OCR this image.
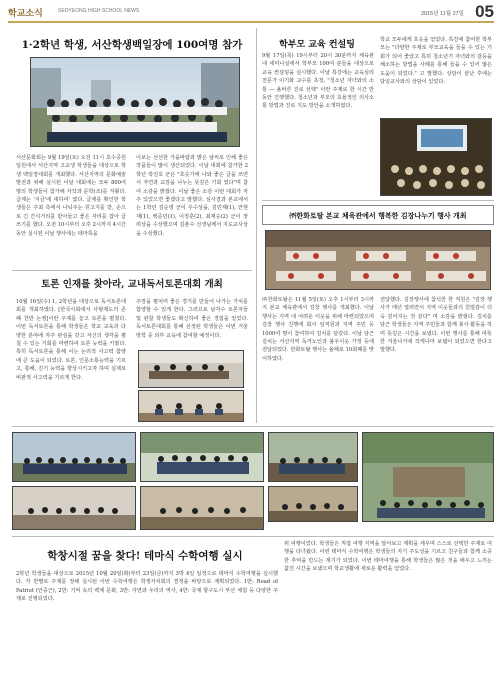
학교소식	SEOYEONG HIGH SCHOOL NEWS	2015년 11월 27일 05
1·2학년 학생, 서산학생백일장에 100여명 참가
서산문화회는 9월 19일(토) 오전 11시 호수공원 일원에서 서산지역 고교생 학생들을 대상으로 학생 백일장대회를 개최했다. 서산지역의 문화예술 발전과 위해 실시된 이날 대회에는 모두 800여 명의 학생들이 참가해 자작과 문학(조)를 겨뤘다. 글제는 '지금'에 대하여' 였다. 글제를 확인한 학생들은 주최 측에서 나눠주는 원고지를 받, 손으로 긴 간식거리를 받아들고 좋은 자리를 잡아 글쓰기를 했다. 오전 10시부터 오후 2시까지 4시간 동안 실시된 이날 행사에는 테마특을
이보는 선선한 가을바람과 밝은 날씨로 인해 좋은 작품들이 많이 생산되었다. 이날 대회에 참가한 2학년 박진호 군은 "호숫가에 나와 좋은 글을 쓰면서 자연과 교감을 나누는 뜻깊은 기회 였다"며 참여 소감을 밝혔다. 이날 좋은 소감 이번 대회가 자주 있었으면 좋겠다고 말했다. 심사결과 본교에서는 1학년 김순영 군이 우수상을, 김민재(1), 안현재(1), 백준민(1), 이정훈(2), 최재승(2) 군이 장려상을 수상했으며 김춘수 선생님께서 지도교사상을 수상했다.
토론 인재를 찾아라, 교내독서토론대회 개최
10월 16일(수) 1, 2학년을 대상으로 독서토론대회를 개최하였다. [한국사회에서 사형제도의 존폐 찬반 논쟁]이란 주제를 놓고 토론을 펼쳤다. 이번 독서토론을 통해 학생들은 학교 교육과 다양한 분야에 자주 관심을 갖고 자신의 생각을 펼칠 수 있는 기회를 마련하여 토론 능력을 키웠다. 특히 독서토론을 통해 이는 논리적 사고력 함양에 큰 도움이 되었다. 토론, 인문소통능력을 기르고, 통해, 진기 능력을 향상시키고자 하며 실제로 비판적 사고력을 기르게 한다.
주장을 펼치며 좋은 경기를 만들어 나가는 가치를 함양할 수 있게 한다. 그러므로 남자수 토론자들 및 관찰 학생들도 확신하여 좋은 경험을 얻었다. 독서토론대회를 통해 선정된 학생들은 이번 겨울 방학 중 외부 교육에 참여할 예정이다.
학부모 교육 컨설팅
9월 17일(목) 19시부터 20시 30분까지 체육관 내 세미나실에서 학부모 100여 분들을 대상으로 교육 컨설팅을 실시했다. 이날 특강에는 교육심리 전문가 이기화 교수를 초청, "청소년 자녀와의 소통 — 올바른 진로 선택" 이란 주제로 한 시간 반 동안 진행했다. 청소년과 부모의 효율적인 의사소통 방법과 진로 지도 방안을 소개하였다.
학교 모두에게 호응을 얻었다. 특강에 참여한 학부모는 "다양한 주제로 부모교육을 들을 수 있는 기회가 되어 좋았고 특히 청소년기 자녀와의 갈등을 해소하는 방법을 사례를 통해 들을 수 있어 많은 도움이 되었다." 고 말했다. 상담이 끝난 후에는 담임교사와의 상담이 있었다.
㈜한화토탈 본교 체육관에서 행복한 김장나누기 행사 개최
㈜한화토탈은 11월 5일(토) 오후 1시부터 3시까지 본교 체육관에서 김장 행사를 개최했다. 이날 행사는 지역 내 어려운 이웃을 위해 마련되었으며 김장 행사 진행에 회사 임직원과 지역 주민 등 1000여 명이 참여하여 김치를 담갔다. 이날 담근 김치는 서산지역 독거노인과 불우이웃 가정 등에 전달되었다. 한화토탈 행사는 올해로 10회째를 맞이하였다.
전달했다. 김장행사에 참석한 한 직원은 "김장 행사가 매년 열리면서 지역 이웃들과의 친밀감이 더욱 깊어지는 것 같다" 며 소감을 밝혔다. 김치를 담근 학생들은 지역 주민들과 함께 봉사 활동을 하며 뜻깊은 시간을 보냈다. 이번 행사를 통해 따뜻한 겨울나기에 작게나마 보탬이 되었으면 한다고 말했다.
학창시절 꿈을 찾다! 테마식 수학여행 실시
2학년 학생들을 대상으로 2015년 10월 20일(화)부터 23일(금)까지 3박 4일 일정으로 테마식 수학여행을 실시했다. 각 반별로 주제를 정해 실시된 이번 수학여행은 학생자치회의 결정을 바탕으로 계획되었다. 1반: Road of Patriot (안중근), 2반: 기억 속의 백제 문화, 3반: 자연과 우리의 역사, 4반: 국제 항구도시 부산 체험 등 다양한 주제로 진행되었다.
위 여행이었다. 학생들은 직접 여행 지역을 알아보고 계획을 세우며 스스로 선택한 주제로 여행을 다녀왔다. 이번 테마식 수학여행은 학생들의 자기 주도성을 기르고 친구들과 함께 소중한 추억을 만드는 계기가 되었다. 이번 테마여행을 통해 학생들은 많은 것을 배우고 느끼는 값진 시간을 보냈으며 학교생활에 새로운 활력을 얻었다.
